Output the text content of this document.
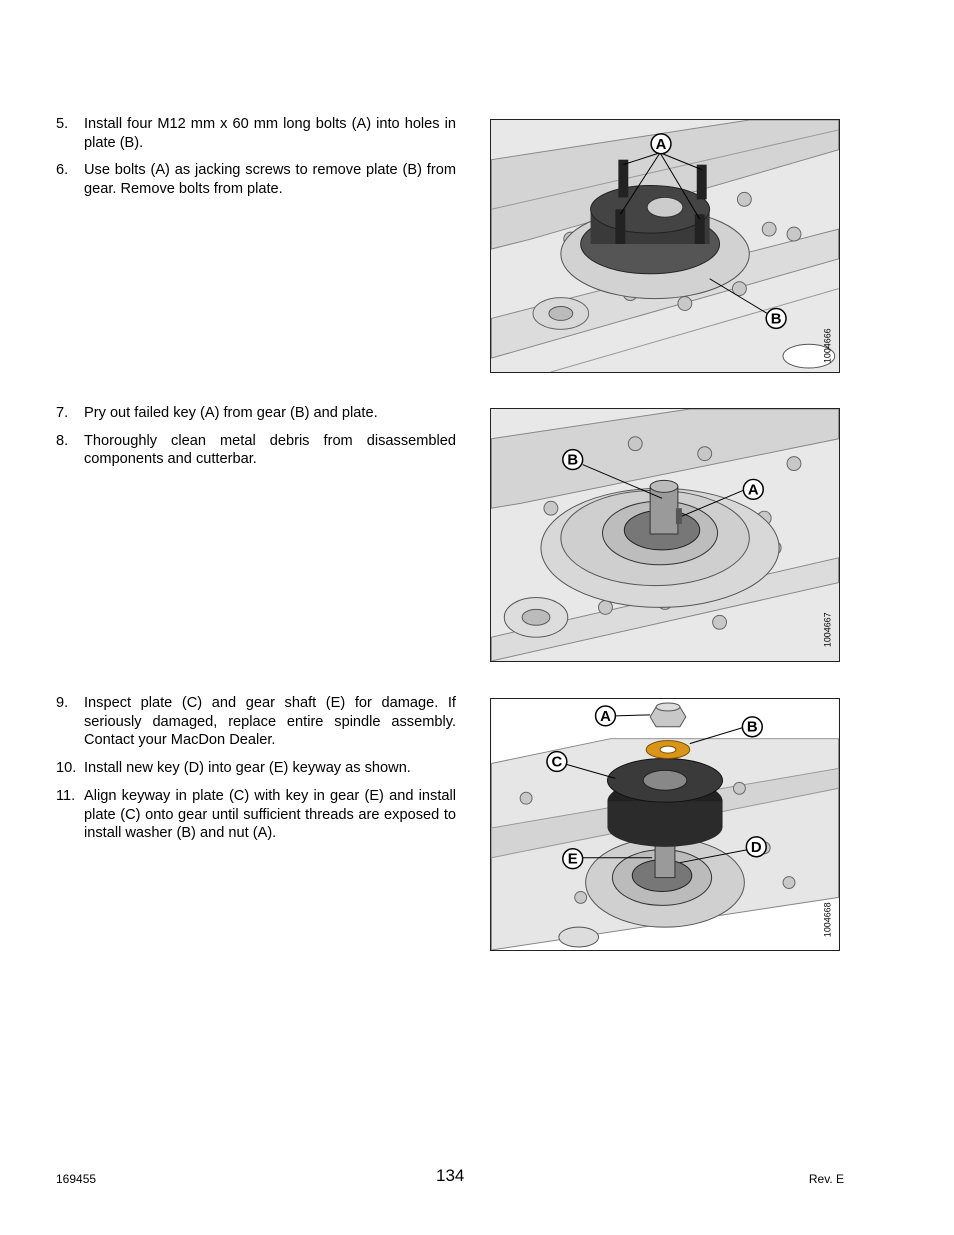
5.	Install four M12 mm x 60 mm long bolts (A) into holes in plate (B).
6.	Use bolts (A) as jacking screws to remove plate (B) from gear. Remove bolts from plate.
A
B
1004666
7.	Pry out failed key (A) from gear (B) and plate.
8.	Thoroughly clean metal debris from disassembled components and cutterbar.	B
A
1004667
9.	Inspect plate (C) and gear shaft (E) for damage. If seriously damaged, replace entire spindle assembly. Contact your MacDon Dealer.
10. Install new key (D) into gear (E) keyway as shown.
11. Align keyway in plate (C) with key in gear (E) and install plate (C) onto gear until sufficient threads are exposed to install washer (B) and nut (A).
A
B
C
D
E
1004668
169455	134	Rev. E
